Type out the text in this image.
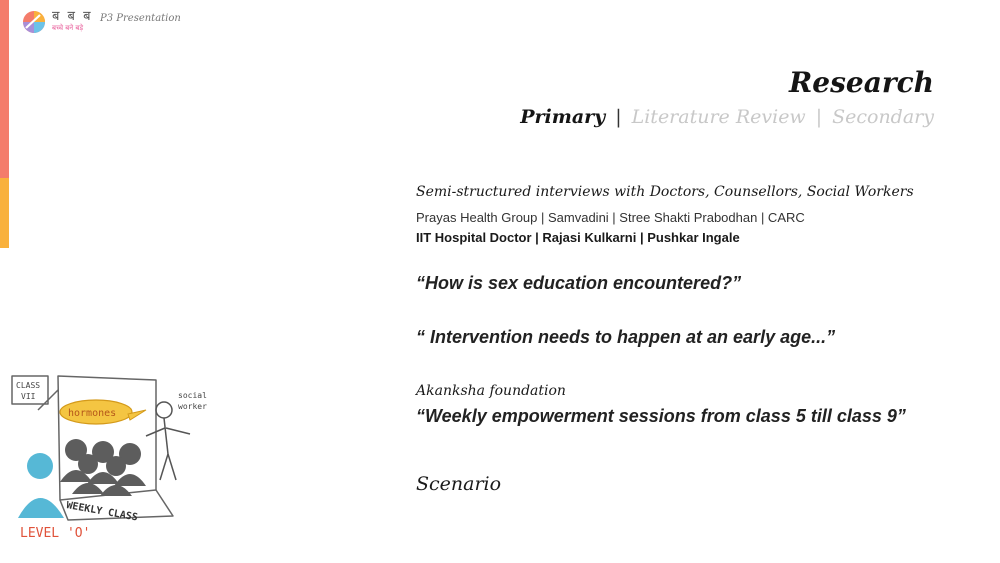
ब ब ब
बच्चे बने बड़े
P3 Presentation
Research
Primary | Literature Review | Secondary
Semi-structured interviews with Doctors, Counsellors, Social Workers
Prayas Health Group | Samvadini | Stree Shakti Prabodhan | CARC
IIT Hospital Doctor | Rajasi Kulkarni | Pushkar Ingale
“How is sex education encountered?”
“ Intervention needs to happen at an early age...”
Akanksha foundation
“Weekly empowerment sessions from class 5 till class 9”
Scenario
CLASS
VII
hormones
social
worker
WEEKLY CLASS
LEVEL 'O'
